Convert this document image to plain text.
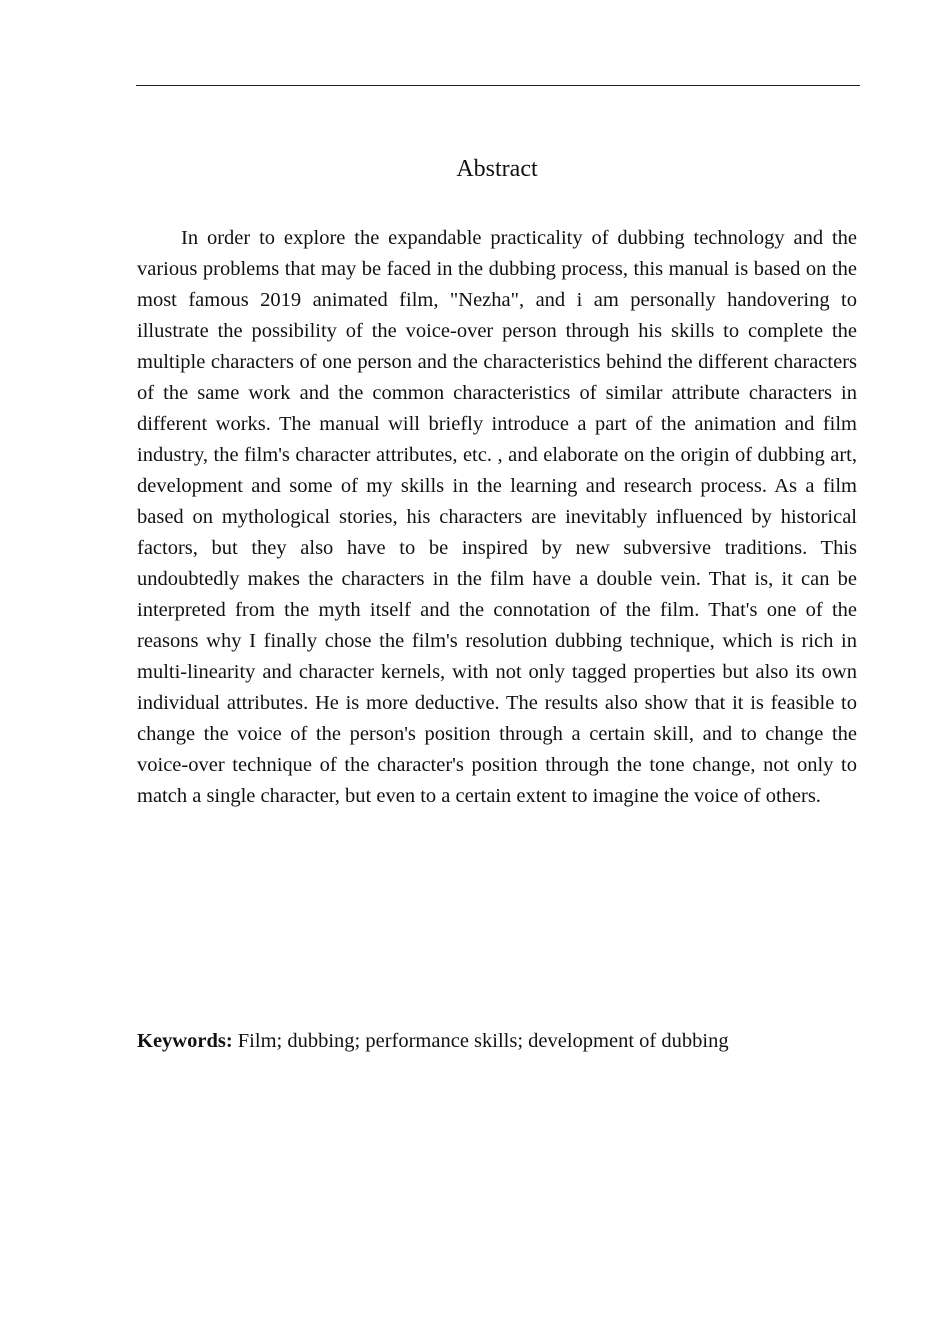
Abstract

In order to explore the expandable practicality of dubbing technology and the various problems that may be faced in the dubbing process, this manual is based on the most famous 2019 animated film, "Nezha", and i am personally handovering to illustrate the possibility of the voice-over person through his skills to complete the multiple characters of one person and the characteristics behind the different characters of the same work and the common characteristics of similar attribute characters in different works. The manual will briefly introduce a part of the animation and film industry, the film's character attributes, etc. , and elaborate on the origin of dubbing art, development and some of my skills in the learning and research process. As a film based on mythological stories, his characters are inevitably influenced by historical factors, but they also have to be inspired by new subversive traditions. This undoubtedly makes the characters in the film have a double vein. That is, it can be interpreted from the myth itself and the connotation of the film. That's one of the reasons why I finally chose the film's resolution dubbing technique, which is rich in multi-linearity and character kernels, with not only tagged properties but also its own individual attributes. He is more deductive. The results also show that it is feasible to change the voice of the person's position through a certain skill, and to change the voice-over technique of the character's position through the tone change, not only to match a single character, but even to a certain extent to imagine the voice of others.

Keywords: Film; dubbing; performance skills; development of dubbing
